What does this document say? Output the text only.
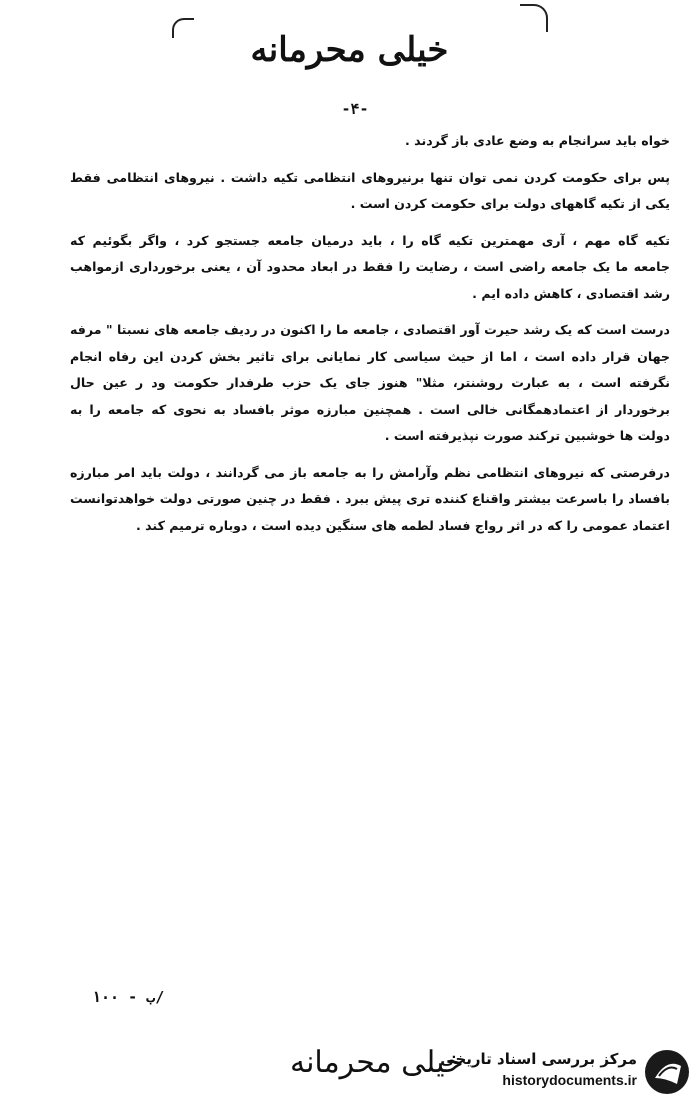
خیلی محرمانه
-۴-

خواه باید سرانجام به وضع عادی باز گردند .

پس برای حکومت کردن نمی توان تنها برنیروهای انتظامی تکیه داشت . نیروهای انتظامی فقط

یکی از تکیه گاههای دولت برای حکومت کردن است .

تکیه گاه مهم ، آری مهمترین تکیه گاه را ، باید درمیان جامعه جستجو کرد ، واگر بگوئیم که

جامعه ما یک جامعه راضی است ، رضایت را فقط در ابعاد محدود آن ، یعنی برخورداری ازمواهب

رشد اقتصادی ، کاهش داده ایم .

درست است که یک رشد حیرت آور اقتصادی ، جامعه ما را اکنون در ردیف جامعه های نسبتا " مرفه

جهان قرار داده است ، اما از حیث سیاسی کار نمایانی برای تاثیر بخش کردن این رفاه انجام

نگرفته است ، به عبارت روشنتر، مثلا" هنوز جای یک حزب طرفدار حکومت ود ر عین حال

برخوردار از اعتمادهمگانی خالی است . همچنین مبارزه موثر بافساد به نحوی که جامعه را به

دولت ها خوشبین ترکند صورت نپذیرفته است .

درفرصتی که نیروهای انتظامی نظم وآرامش را به جامعه باز می گردانند ، دولت باید امر مبارزه

بافساد را باسرعت بیشتر واقناع کننده تری پیش ببرد . فقط در چنین صورتی دولت خواهدتوانست

اعتماد عمومی را که در اثر رواج فساد لطمه های سنگین دیده است ، دوباره ترمیم کند .

ب - ۱۰۰/
خیلی محرمانه
مرکز بررسی اسناد تاریخی
historydocuments.ir
